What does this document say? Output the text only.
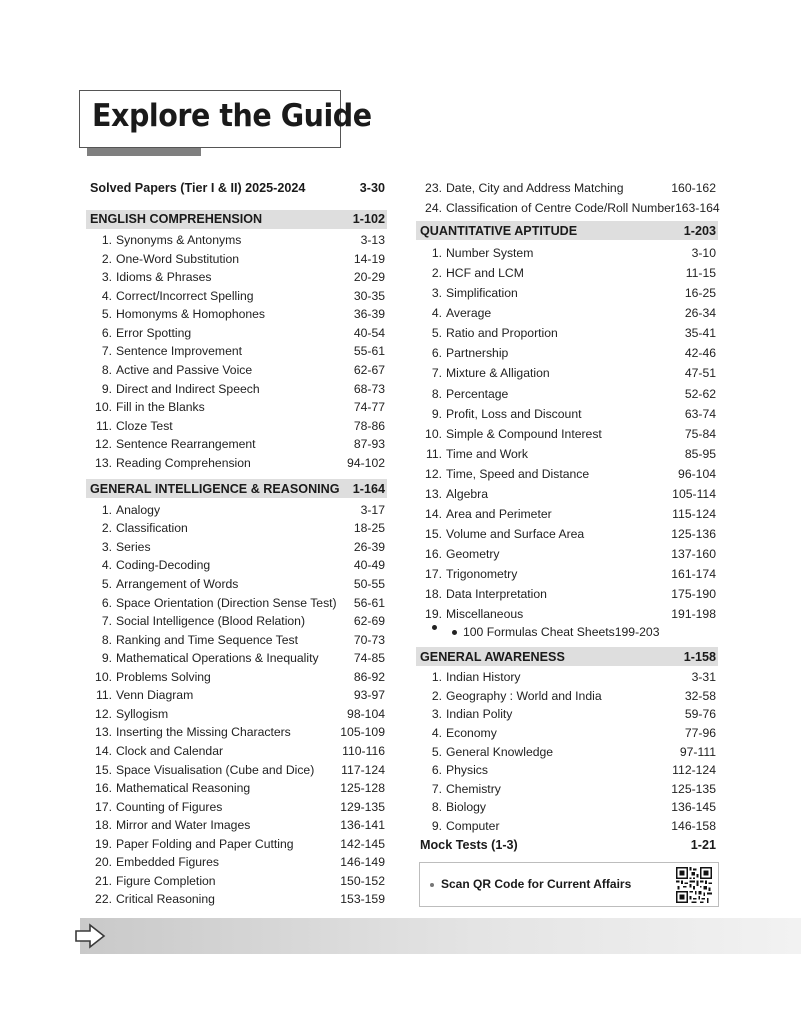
Explore the Guide
Solved Papers (Tier I & II) 2025-2024	3-30
ENGLISH COMPREHENSION	1-102
1. Synonyms & Antonyms	3-13
2. One-Word Substitution	14-19
3. Idioms & Phrases	20-29
4. Correct/Incorrect Spelling	30-35
5. Homonyms & Homophones	36-39
6. Error Spotting	40-54
7. Sentence Improvement	55-61
8. Active and Passive Voice	62-67
9. Direct and Indirect Speech	68-73
10. Fill in the Blanks	74-77
11. Cloze Test	78-86
12. Sentence Rearrangement	87-93
13. Reading Comprehension	94-102
GENERAL INTELLIGENCE & REASONING 1-164
1. Analogy	3-17
2. Classification	18-25
3. Series	26-39
4. Coding-Decoding	40-49
5. Arrangement of Words	50-55
6. Space Orientation (Direction Sense Test) 56-61
7. Social Intelligence (Blood Relation)	62-69
8. Ranking and Time Sequence Test	70-73
9. Mathematical Operations & Inequality	74-85
10. Problems Solving	86-92
11. Venn Diagram	93-97
12. Syllogism	98-104
13. Inserting the Missing Characters	105-109
14. Clock and Calendar	110-116
15. Space Visualisation (Cube and Dice) 117-124
16. Mathematical Reasoning	125-128
17. Counting of Figures	129-135
18. Mirror and Water Images	136-141
19. Paper Folding and Paper Cutting	142-145
20. Embedded Figures	146-149
21. Figure Completion	150-152
22. Critical Reasoning	153-159
23. Date, City and Address Matching	160-162
24. Classification of Centre Code/Roll Number 163-164
QUANTITATIVE APTITUDE	1-203
1. Number System	3-10
2. HCF and LCM	11-15
3. Simplification	16-25
4. Average	26-34
5. Ratio and Proportion	35-41
6. Partnership	42-46
7. Mixture & Alligation	47-51
8. Percentage	52-62
9. Profit, Loss and Discount	63-74
10. Simple & Compound Interest	75-84
11. Time and Work	85-95
12. Time, Speed and Distance	96-104
13. Algebra	105-114
14. Area and Perimeter	115-124
15. Volume and Surface Area	125-136
16. Geometry	137-160
17. Trigonometry	161-174
18. Data Interpretation	175-190
19. Miscellaneous	191-198
100 Formulas Cheat Sheets199-203
GENERAL AWARENESS	1-158
1. Indian History	3-31
2. Geography : World and India	32-58
3. Indian Polity	59-76
4. Economy	77-96
5. General Knowledge	97-111
6. Physics	112-124
7. Chemistry	125-135
8. Biology	136-145
9. Computer	146-158
Mock Tests (1-3)	1-21
Scan QR Code for Current Affairs
